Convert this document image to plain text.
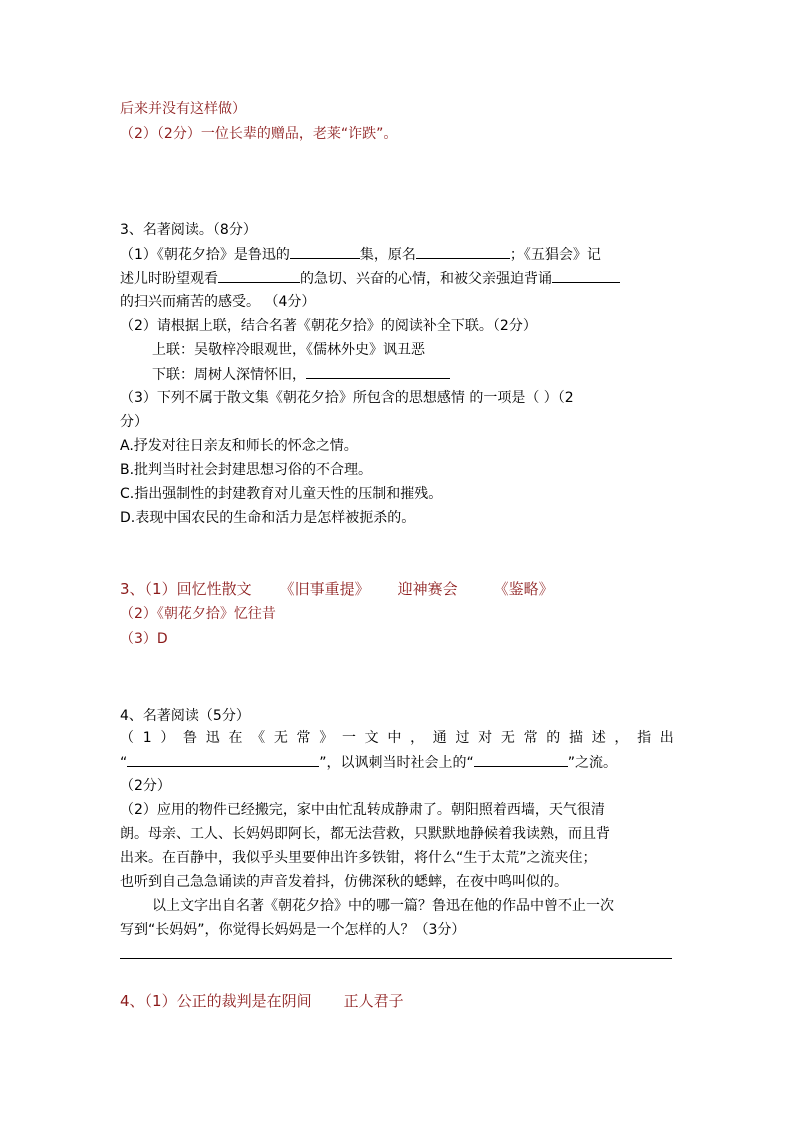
后来并没有这样做）
（2）（2分）一位长辈的赠品，老莱“诈跌”。
3、名著阅读。（8分）
（1）《朝花夕拾》是鲁迅的	集，原名	；《五猖会》记
述儿时盼望观看	的急切、兴奋的心情，和被父亲强迫背诵
的扫兴而痛苦的感受。 （4分）
（2）请根据上联，结合名著《朝花夕拾》的阅读补全下联。（2分）
上联：吴敬梓冷眼观世，《儒林外史》讽丑恶
下联：周树人深情怀旧，
（3）下列不属于散文集《朝花夕拾》所包含的思想感情 的一项是（ ）（2
分）
A.抒发对往日亲友和师长的怀念之情。
B.批判当时社会封建思想习俗的不合理。
C.指出强制性的封建教育对儿童天性的压制和摧残。
D.表现中国农民的生命和活力是怎样被扼杀的。
3、（1）回忆性散文 《旧事重提》 迎神赛会 《鉴略》
（2）《朝花夕拾》忆往昔
（3）D
4、名著阅读（5分）
（ 1 ） 鲁 迅 在 《 无 常 》 一 文 中 ， 通 过 对 无 常 的 描 述 ， 指 出
“	”，以讽刺当时社会上的“	”之流。
（2分）
（2）应用的物件已经搬完，家中由忙乱转成静肃了。朝阳照着西墙，天气很清
朗。母亲、工人、长妈妈即阿长，都无法营救，只默默地静候着我读熟，而且背
出来。在百静中，我似乎头里要伸出许多铁钳，将什么“生于太荒”之流夹住；
也听到自己急急诵读的声音发着抖，仿佛深秋的蟋蟀，在夜中鸣叫似的。
以上文字出自名著《朝花夕拾》中的哪一篇？鲁迅在他的作品中曾不止一次
写到“长妈妈”，你觉得长妈妈是一个怎样的人？（3分）
4、（1）公正的裁判是在阴间 正人君子
